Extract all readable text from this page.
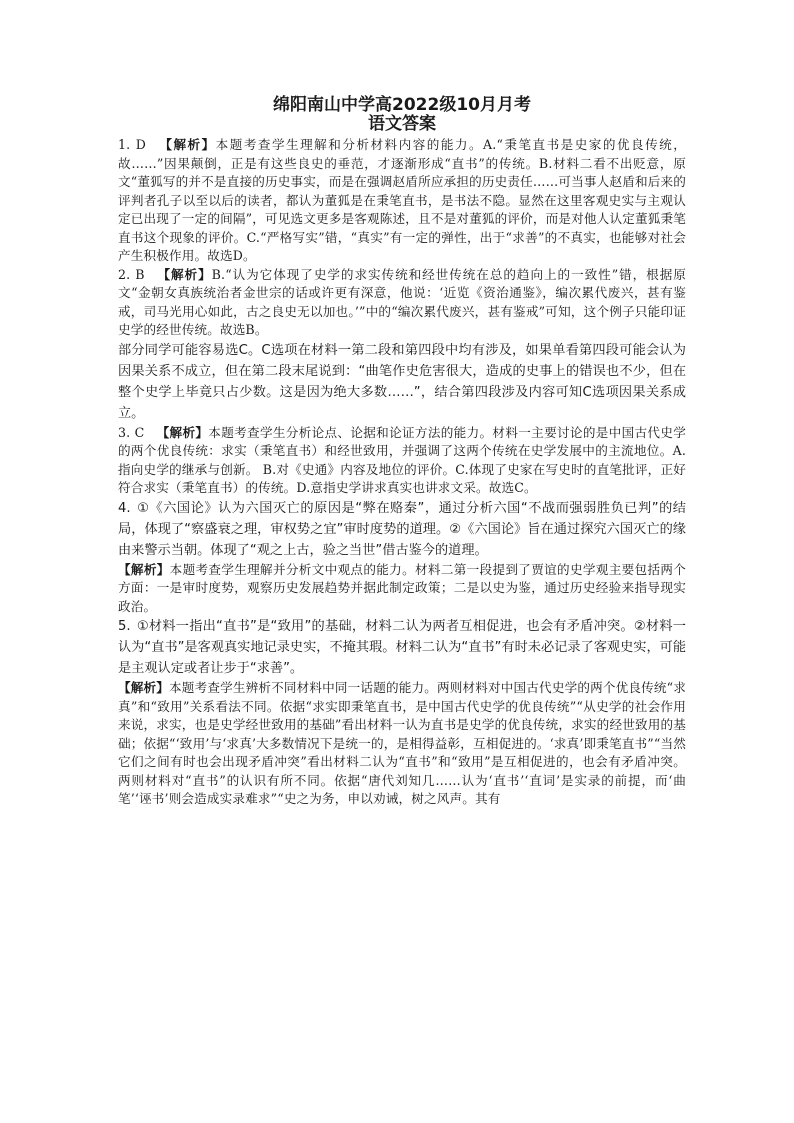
绵阳南山中学高2022级10月月考

语文答案

1. D 【解析】本题考查学生理解和分析材料内容的能力。A.“秉笔直书是史家的优良传统，故……”因果颠倒，正是有这些良史的垂范，才逐渐形成“直书”的传统。B.材料二看不出贬意，原文“董狐写的并不是直接的历史事实，而是在强调赵盾所应承担的历史责任……可当事人赵盾和后来的评判者孔子以至以后的读者，都认为董狐是在秉笔直书，是书法不隐。显然在这里客观史实与主观认定已出现了一定的间隔”，可见选文更多是客观陈述，且不是对董狐的评价，而是对他人认定董狐秉笔直书这个现象的评价。C.“严格写实”错，“真实”有一定的弹性，出于“求善”的不真实，也能够对社会产生积极作用。故选D。

2. B 【解析】B.“认为它体现了史学的求实传统和经世传统在总的趋向上的一致性”错，根据原文“金朝女真族统治者金世宗的话或许更有深意，他说：‘近览《资治通鉴》，编次累代废兴，甚有鉴戒，司马光用心如此，古之良史无以加也。’”中的“编次累代废兴，甚有鉴戒”可知，这个例子只能印证史学的经世传统。故选B。

部分同学可能容易选C。C选项在材料一第二段和第四段中均有涉及，如果单看第四段可能会认为因果关系不成立，但在第二段末尾说到：“曲笔作史危害很大，造成的史事上的错误也不少，但在整个史学上毕竟只占少数。这是因为绝大多数……”，结合第四段涉及内容可知C选项因果关系成立。

3. C 【解析】本题考查学生分析论点、论据和论证方法的能力。材料一主要讨论的是中国古代史学的两个优良传统：求实（秉笔直书）和经世致用，并强调了这两个传统在史学发展中的主流地位。A.指向史学的继承与创新。 B.对《史通》内容及地位的评价。C.体现了史家在写史时的直笔批评，正好符合求实（秉笔直书）的传统。D.意指史学讲求真实也讲求文采。故选C。

4. ①《六国论》认为六国灭亡的原因是“弊在赂秦”，通过分析六国“不战而强弱胜负已判”的结局，体现了“察盛衰之理，审权势之宜”审时度势的道理。②《六国论》旨在通过探究六国灭亡的缘由来警示当朝。体现了“观之上古，验之当世”借古鉴今的道理。

【解析】本题考查学生理解并分析文中观点的能力。材料二第一段提到了贾谊的史学观主要包括两个方面：一是审时度势，观察历史发展趋势并据此制定政策；二是以史为鉴，通过历史经验来指导现实政治。

5. ①材料一指出“直书”是“致用”的基础，材料二认为两者互相促进，也会有矛盾冲突。②材料一认为“直书”是客观真实地记录史实，不掩其瑕。材料二认为“直书”有时未必记录了客观史实，可能是主观认定或者让步于“求善”。

【解析】本题考查学生辨析不同材料中同一话题的能力。两则材料对中国古代史学的两个优良传统“求真”和“致用”关系看法不同。依据“求实即秉笔直书，是中国古代史学的优良传统”“从史学的社会作用来说，求实，也是史学经世致用的基础”看出材料一认为直书是史学的优良传统，求实的经世致用的基础；依据“‘致用’与‘求真’大多数情况下是统一的，是相得益彰，互相促进的。‘求真’即秉笔直书”“当然它们之间有时也会出现矛盾冲突”看出材料二认为“直书”和“致用”是互相促进的，也会有矛盾冲突。两则材料对“直书”的认识有所不同。依据“唐代刘知几……认为‘直书’‘直词’是实录的前提，而‘曲笔’‘诬书’则会造成实录难求”“史之为务，申以劝诫，树之风声。其有
